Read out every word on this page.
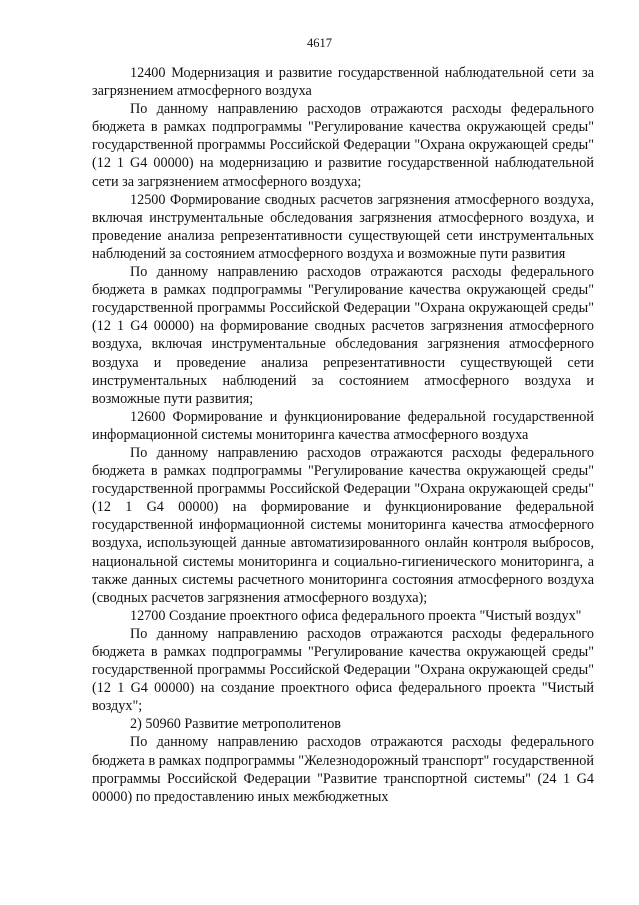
4617

12400 Модернизация и развитие государственной наблюдательной сети за загрязнением атмосферного воздуха

По данному направлению расходов отражаются расходы федерального бюджета в рамках подпрограммы "Регулирование качества окружающей среды" государственной программы Российской Федерации "Охрана окружающей среды" (12 1 G4 00000) на модернизацию и развитие государственной наблюдательной сети за загрязнением атмосферного воздуха;

12500 Формирование сводных расчетов загрязнения атмосферного воздуха, включая инструментальные обследования загрязнения атмосферного воздуха, и проведение анализа репрезентативности существующей сети инструментальных наблюдений за состоянием атмосферного воздуха и возможные пути развития

По данному направлению расходов отражаются расходы федерального бюджета в рамках подпрограммы "Регулирование качества окружающей среды" государственной программы Российской Федерации "Охрана окружающей среды" (12 1 G4 00000) на формирование сводных расчетов загрязнения атмосферного воздуха, включая инструментальные обследования загрязнения атмосферного воздуха и проведение анализа репрезентативности существующей сети инструментальных наблюдений за состоянием атмосферного воздуха и возможные пути развития;

12600 Формирование и функционирование федеральной государственной информационной системы мониторинга качества атмосферного воздуха

По данному направлению расходов отражаются расходы федерального бюджета в рамках подпрограммы "Регулирование качества окружающей среды" государственной программы Российской Федерации "Охрана окружающей среды" (12 1 G4 00000) на формирование и функционирование федеральной государственной информационной системы мониторинга качества атмосферного воздуха, использующей данные автоматизированного онлайн контроля выбросов, национальной системы мониторинга и социально-гигиенического мониторинга, а также данных системы расчетного мониторинга состояния атмосферного воздуха (сводных расчетов загрязнения атмосферного воздуха);

12700 Создание проектного офиса федерального проекта "Чистый воздух"

По данному направлению расходов отражаются расходы федерального бюджета в рамках подпрограммы "Регулирование качества окружающей среды" государственной программы Российской Федерации "Охрана окружающей среды" (12 1 G4 00000) на создание проектного офиса федерального проекта "Чистый воздух";

2) 50960 Развитие метрополитенов

По данному направлению расходов отражаются расходы федерального бюджета в рамках подпрограммы "Железнодорожный транспорт" государственной программы Российской Федерации "Развитие транспортной системы" (24 1 G4 00000) по предоставлению иных межбюджетных
